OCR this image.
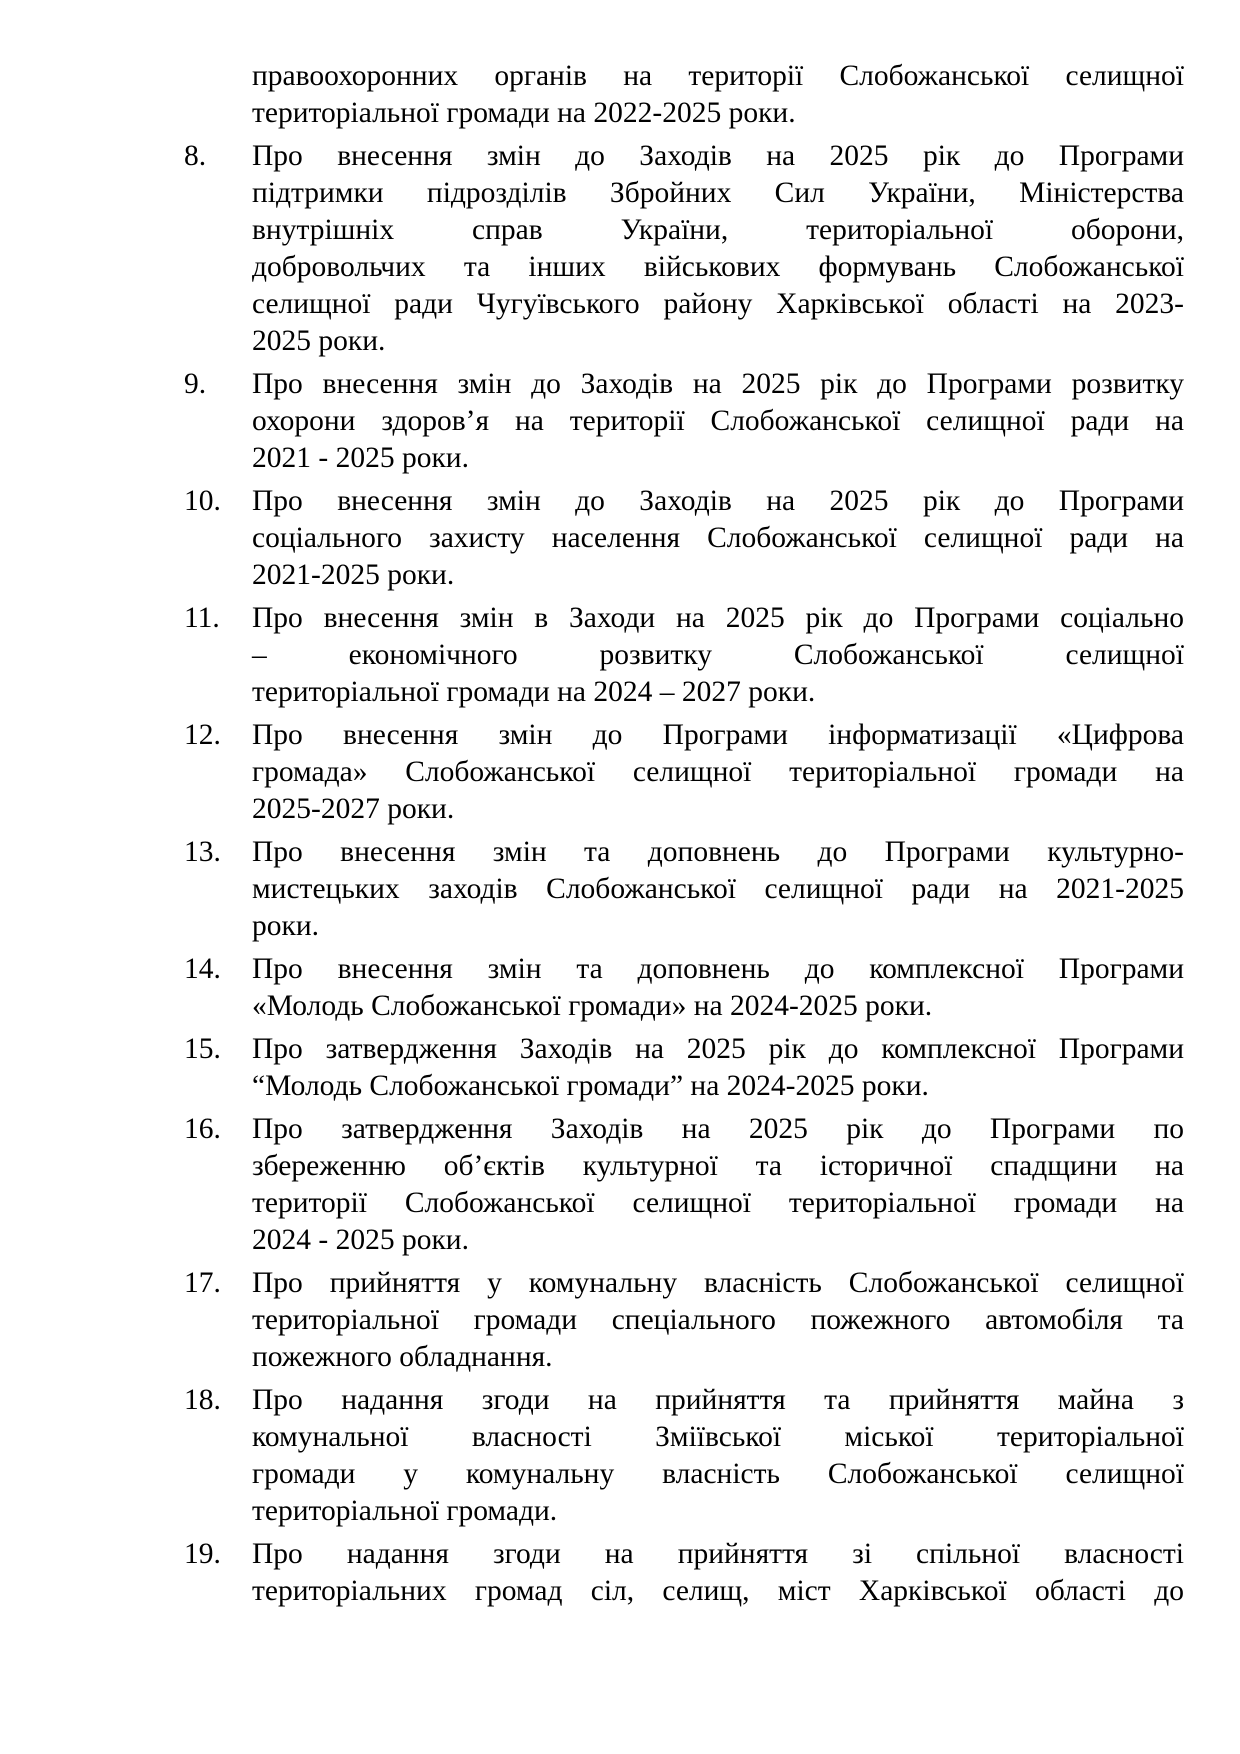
правоохоронних органів на території Слобожанської селищної
територіальної громади на 2022-2025 роки.
8.	Про внесення змін до Заходів на 2025 рік до Програми
підтримки підрозділів Збройних Сил України, Міністерства
внутрішніх справ України, територіальної оборони,
добровольчих та інших військових формувань Слобожанської
селищної ради Чугуївського району Харківської області на 2023-
2025 роки.
9.	Про внесення змін до Заходів на 2025 рік до Програми розвитку
охорони здоров’я на території Слобожанської селищної ради на
2021 - 2025 роки.
10.	Про внесення змін до Заходів на 2025 рік до Програми
соціального захисту населення Слобожанської селищної ради на
2021-2025 роки.
11.	Про внесення змін в Заходи на 2025 рік до Програми соціально
– економічного розвитку Слобожанської селищної
територіальної громади на 2024 – 2027 роки.
12.	Про внесення змін до Програми інформатизації «Цифрова
громада» Слобожанської селищної територіальної громади на
2025-2027 роки.
13.	Про внесення змін та доповнень до Програми культурно-
мистецьких заходів Слобожанської селищної ради на 2021-2025
роки.
14.	Про внесення змін та доповнень до комплексної Програми
«Молодь Слобожанської громади» на 2024-2025 роки.
15.	Про затвердження Заходів на 2025 рік до комплексної Програми
“Молодь Слобожанської громади” на 2024-2025 роки.
16.	Про затвердження Заходів на 2025 рік до Програми по
збереженню об’єктів культурної та історичної спадщини на
території Слобожанської селищної територіальної громади на
2024 - 2025 роки.
17.	Про прийняття у комунальну власність Слобожанської селищної
територіальної громади спеціального пожежного автомобіля та
пожежного обладнання.
18.	Про надання згоди на прийняття та прийняття майна з
комунальної власності Зміївської міської територіальної
громади у комунальну власність Слобожанської селищної
територіальної громади.
19.	Про надання згоди на прийняття зі спільної власності
територіальних громад сіл, селищ, міст Харківської області до
